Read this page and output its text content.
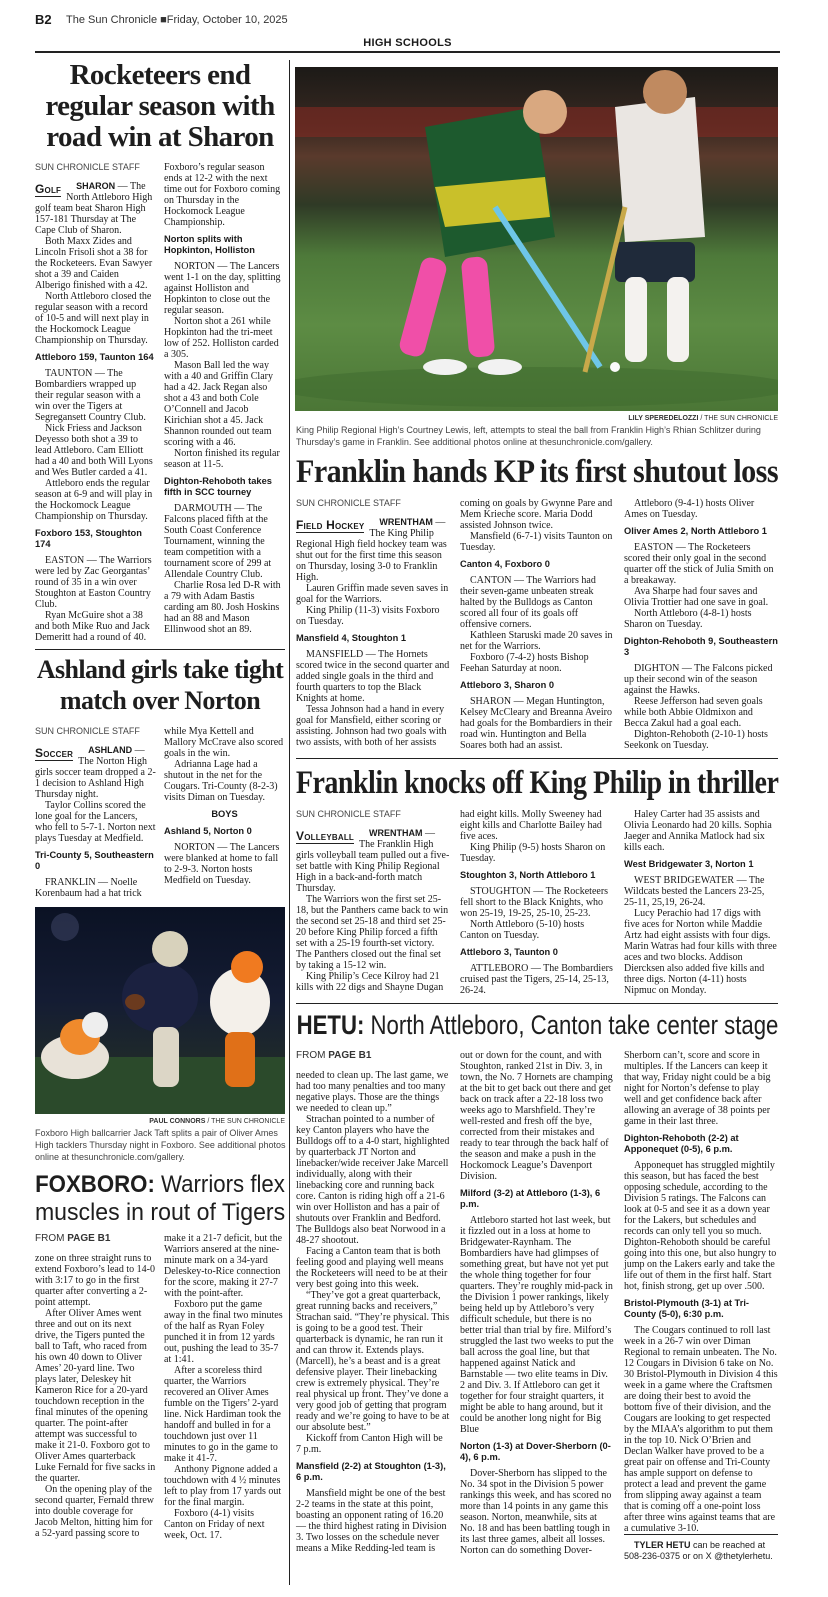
B2 The Sun Chronicle ■Friday, October 10, 2025
HIGH SCHOOLS
Rocketeers end
regular season with
road win at Sharon

SUN CHRONICLE STAFF

Golf SHARON — The North Attleboro High golf team beat Sharon High 157-181 Thursday at The Cape Club of Sharon.

Both Maxx Zides and Lincoln Frisoli shot a 38 for the Rocketeers. Evan Sawyer shot a 39 and Caiden Alberigo finished with a 42.

North Attleboro closed the regular season with a record of 10-5 and will next play in the Hockomock League Championship on Thursday.

Attleboro 159, Taunton 164

TAUNTON — The Bombardiers wrapped up their regular season with a win over the Tigers at Segregansett Country Club.

Nick Friess and Jackson Deyesso both shot a 39 to lead Attleboro. Cam Elliott had a 40 and both Will Lyons and Wes Butler carded a 41.

Attleboro ends the regular season at 6-9 and will play in the Hockomock League Championship on Thursday.

Foxboro 153, Stoughton 174

EASTON — The Warriors were led by Zac Georgantas’ round of 35 in a win over Stoughton at Easton Country Club.

Ryan McGuire shot a 38 and both Mike Ruo and Jack Demeritt had a round of 40. Foxboro’s regular season ends at 12-2 with the next time out for Foxboro coming on Thursday in the Hockomock League Championship.

Norton splits with Hopkinton, Holliston

NORTON — The Lancers went 1-1 on the day, splitting against Holliston and Hopkinton to close out the regular season.

Norton shot a 261 while Hopkinton had the tri-meet low of 252. Holliston carded a 305.

Mason Ball led the way with a 40 and Griffin Clary had a 42. Jack Regan also shot a 43 and both Cole O’Connell and Jacob Kirichian shot a 45. Jack Shannon rounded out team scoring with a 46.

Norton finished its regular season at 11-5.

Dighton-Rehoboth takes fifth in SCC tourney

DARMOUTH — The Falcons placed fifth at the South Coast Conference Tournament, winning the team competition with a tournament score of 299 at Allendale Country Club.

Charlie Rosa led D-R with a 79 with Adam Bastis carding am 80. Josh Hoskins had an 88 and Mason Ellinwood shot an 89.

Ashland girls take tight
match over Norton

SUN CHRONICLE STAFF

Soccer ASHLAND — The Norton High girls soccer team dropped a 2-1 decision to Ashland High Thursday night.

Taylor Collins scored the lone goal for the Lancers, who fell to 5-7-1. Norton next plays Tuesday at Medfield.

Tri-County 5, Southeastern 0

FRANKLIN — Noelle Korenbaum had a hat trick while Mya Kettell and Mallory McCrave also scored goals in the win.

Adrianna Lage had a shutout in the net for the Cougars. Tri-County (8-2-3) visits Diman on Tuesday.

BOYS
Ashland 5, Norton 0

NORTON — The Lancers were blanked at home to fall to 2-9-3. Norton hosts Medfield on Tuesday.

PAUL CONNORS / THE SUN CHRONICLE
Foxboro High ballcarrier Jack Taft splits a pair of Oliver Ames High tacklers Thursday night in Foxboro. See additional photos online at thesunchronicle.com/gallery.
FOXBORO: Warriors flex
muscles in rout of Tigers

FROM PAGE B1

zone on three straight runs to extend Foxboro’s lead to 14-0 with 3:17 to go in the first quarter after converting a 2-point attempt.

After Oliver Ames went three and out on its next drive, the Tigers punted the ball to Taft, who raced from his own 40 down to Oliver Ames’ 20-yard line. Two plays later, Deleskey hit Kameron Rice for a 20-yard touchdown reception in the final minutes of the opening quarter. The point-after attempt was successful to make it 21-0. Foxboro got to Oliver Ames quarterback Luke Fernald for five sacks in the quarter.

On the opening play of the second quarter, Fernald threw into double coverage for Jacob Melton, hitting him for a 52-yard passing score to make it a 21-7 deficit, but the Warriors ansered at the nine-minute mark on a 34-yard Deleskey-to-Rice connection for the score, making it 27-7 with the point-after.

Foxboro put the game away in the final two minutes of the half as Ryan Foley punched it in from 12 yards out, pushing the lead to 35-7 at 1:41.

After a scoreless third quarter, the Warriors recovered an Oliver Ames fumble on the Tigers’ 2-yard line. Nick Hardiman took the handoff and bulled in for a touchdown just over 11 minutes to go in the game to make it 41-7.

Anthony Pignone added a touchdown with 4 ½ minutes left to play from 17 yards out for the final margin.

Foxboro (4-1) visits Canton on Friday of next week, Oct. 17.

LILY SPEREDELOZZI / THE SUN CHRONICLE
King Philip Regional High’s Courtney Lewis, left, attempts to steal the ball from Franklin High’s Rhian Schlitzer during Thursday’s game in Franklin. See additional photos online at thesunchronicle.com/gallery.
Franklin hands KP its first shutout loss

SUN CHRONICLE STAFF

Field Hockey WRENTHAM — The King Philip Regional High field hockey team was shut out for the first time this season on Thursday, losing 3-0 to Franklin High.

Lauren Griffin made seven saves in goal for the Warriors.

King Philip (11-3) visits Foxboro on Tuesday.

Mansfield 4, Stoughton 1

MANSFIELD — The Hornets scored twice in the second quarter and added single goals in the third and fourth quarters to top the Black Knights at home.

Tessa Johnson had a hand in every goal for Mansfield, either scoring or assisting. Johnson had two goals with two assists, with both of her assists coming on goals by Gwynne Pare and Mem Krieche score. Maria Dodd assisted Johnson twice.

Mansfield (6-7-1) visits Taunton on Tuesday.

Canton 4, Foxboro 0

CANTON — The Warriors had their seven-game unbeaten streak halted by the Bulldogs as Canton scored all four of its goals off offensive corners.

Kathleen Staruski made 20 saves in net for the Warriors.

Foxboro (7-4-2) hosts Bishop Feehan Saturday at noon.

Attleboro 3, Sharon 0

SHARON — Megan Huntington, Kelsey McCleary and Breanna Aveiro had goals for the Bombardiers in their road win. Huntington and Bella Soares both had an assist.

Attleboro (9-4-1) hosts Oliver Ames on Tuesday.

Oliver Ames 2, North Attleboro 1

EASTON — The Rocketeers scored their only goal in the second quarter off the stick of Julia Smith on a breakaway.

Ava Sharpe had four saves and Olivia Trottier had one save in goal.

North Attleboro (4-8-1) hosts Sharon on Tuesday.

Dighton-Rehoboth 9, Southeastern 3

DIGHTON — The Falcons picked up their second win of the season against the Hawks.

Reese Jefferson had seven goals while both Abbie Oldmixon and Becca Zakul had a goal each.

Dighton-Rehoboth (2-10-1) hosts Seekonk on Tuesday.

Franklin knocks off King Philip in thriller

SUN CHRONICLE STAFF

Volleyball WRENTHAM — The Franklin High girls volleyball team pulled out a five-set battle with King Philip Regional High in a back-and-forth match Thursday.

The Warriors won the first set 25-18, but the Panthers came back to win the second set 25-18 and third set 25-20 before King Philip forced a fifth set with a 25-19 fourth-set victory. The Panthers closed out the final set by taking a 15-12 win.

King Philip’s Cece Kilroy had 21 kills with 22 digs and Shayne Dugan had eight kills. Molly Sweeney had eight kills and Charlotte Bailey had five aces.

King Philip (9-5) hosts Sharon on Tuesday.

Stoughton 3, North Attleboro 1

STOUGHTON — The Rocketeers fell short to the Black Knights, who won 25-19, 19-25, 25-10, 25-23.

North Attleboro (5-10) hosts Canton on Tuesday.

Attleboro 3, Taunton 0

ATTLEBORO — The Bombardiers cruised past the Tigers, 25-14, 25-13, 26-24.

Haley Carter had 35 assists and Olivia Leonardo had 20 kills. Sophia Jaeger and Annika Matlock had six kills each.

West Bridgewater 3, Norton 1

WEST BRIDGEWATER — The Wildcats bested the Lancers 23-25, 25-11, 25,19, 26-24.

Lucy Perachio had 17 digs with five aces for Norton while Maddie Artz had eight assists with four digs. Marin Watras had four kills with three aces and two blocks. Addison Diercksen also added five kills and three digs. Norton (4-11) hosts Nipmuc on Monday.

HETU: North Attleboro, Canton take center stage

FROM PAGE B1

needed to clean up. The last game, we had too many penalties and too many negative plays. Those are the things we needed to clean up.”

Strachan pointed to a number of key Canton players who have the Bulldogs off to a 4-0 start, highlighted by quarterback JT Norton and linebacker/wide receiver Jake Marcell individually, along with their linebacking core and running back core. Canton is riding high off a 21-6 win over Holliston and has a pair of shutouts over Franklin and Bedford. The Bulldogs also beat Norwood in a 48-27 shootout.

Facing a Canton team that is both feeling good and playing well means the Rocketeers will need to be at their very best going into this week.

“They’ve got a great quarterback, great running backs and receivers,” Strachan said. “They’re physical. This is going to be a good test. Their quarterback is dynamic, he ran run it and can throw it. Extends plays. (Marcell), he’s a beast and is a great defensive player. Their linebacking crew is extremely physical. They’re real physical up front. They’ve done a very good job of getting that program ready and we’re going to have to be at our absolute best.”

Kickoff from Canton High will be 7 p.m.

Mansfield (2-2) at Stoughton (1-3), 6 p.m.

Mansfield might be one of the best 2-2 teams in the state at this point, boasting an opponent rating of 16.20 — the third highest rating in Division 3. Two losses on the schedule never means a Mike Redding-led team is out or down for the count, and with Stoughton, ranked 21st in Div. 3, in town, the No. 7 Hornets are champing at the bit to get back out there and get back on track after a 22-18 loss two weeks ago to Marshfield. They’re well-rested and fresh off the bye, corrected from their mistakes and ready to tear through the back half of the season and make a push in the Hockomock League’s Davenport Division.

Milford (3-2) at Attleboro (1-3), 6 p.m.

Attleboro started hot last week, but it fizzled out in a loss at home to Bridgewater-Raynham. The Bombardiers have had glimpses of something great, but have not yet put the whole thing together for four quarters. They’re roughly mid-pack in the Division 1 power rankings, likely being held up by Attleboro’s very difficult schedule, but there is no better trial than trial by fire. Milford’s struggled the last two weeks to put the ball across the goal line, but that happened against Natick and Barnstable — two elite teams in Div. 2 and Div. 3. If Attleboro can get it together for four straight quarters, it might be able to hang around, but it could be another long night for Big Blue

Norton (1-3) at Dover-Sherborn (0-4), 6 p.m.

Dover-Sherborn has slipped to the No. 34 spot in the Division 5 power rankings this week, and has scored no more than 14 points in any game this season. Norton, meanwhile, sits at No. 18 and has been battling tough in its last three games, albeit all losses. Norton can do something Dover-Sherborn can’t, score and score in multiples. If the Lancers can keep it that way, Friday night could be a big night for Norton’s defense to play well and get confidence back after allowing an average of 38 points per game in their last three.

Dighton-Rehoboth (2-2) at Apponequet (0-5), 6 p.m.

Apponequet has struggled mightily this season, but has faced the best opposing schedule, according to the Division 5 ratings. The Falcons can look at 0-5 and see it as a down year for the Lakers, but schedules and records can only tell you so much. Dighton-Rehoboth should be careful going into this one, but also hungry to jump on the Lakers early and take the life out of them in the first half. Start hot, finish strong, get up over .500.

Bristol-Plymouth (3-1) at Tri-County (5-0), 6:30 p.m.

The Cougars continued to roll last week in a 26-7 win over Diman Regional to remain unbeaten. The No. 12 Cougars in Division 6 take on No. 30 Bristol-Plymouth in Division 4 this week in a game where the Craftsmen are doing their best to avoid the bottom five of their division, and the Cougars are looking to get respected by the MIAA’s algorithm to put them in the top 10. Nick O’Brien and Declan Walker have proved to be a great pair on offense and Tri-County has ample support on defense to protect a lead and prevent the game from slipping away against a team that is coming off a one-point loss after three wins against teams that are a cumulative 3-10.

TYLER HETU can be reached at 508-236-0375 or on X @thetylerhetu.
